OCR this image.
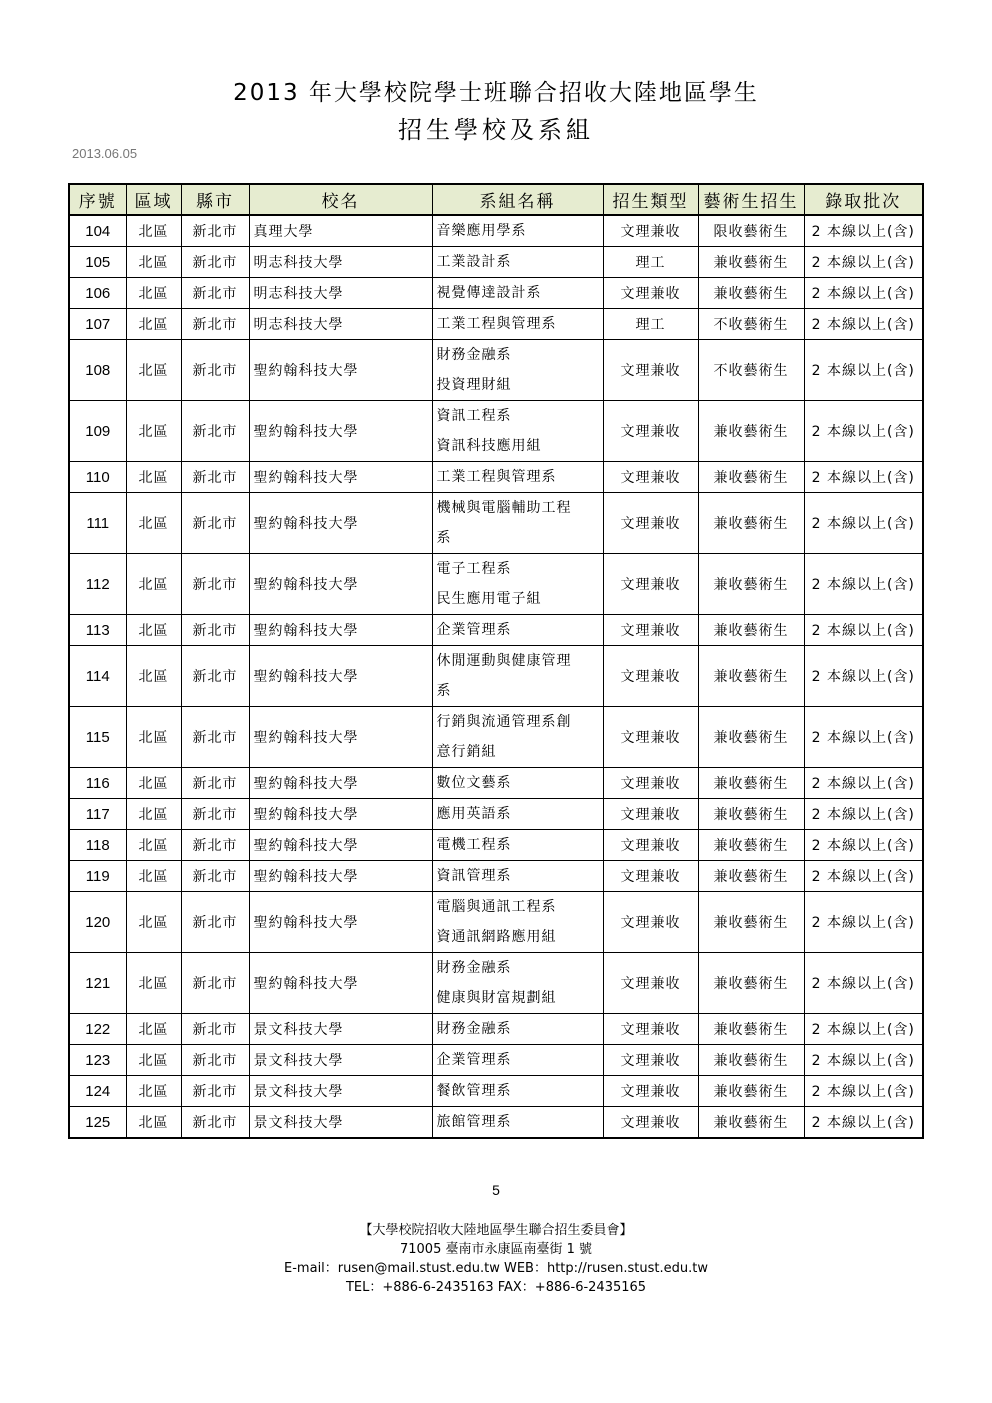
2013 年大學校院學士班聯合招收大陸地區學生
招生學校及系組
2013.06.05
序號	區域	縣市	校名	系組名稱	招生類型	藝術生招生	錄取批次
104	北區	新北市	真理大學	音樂應用學系	文理兼收	限收藝術生	2 本線以上(含)
105	北區	新北市	明志科技大學	工業設計系	理工	兼收藝術生	2 本線以上(含)
106	北區	新北市	明志科技大學	視覺傳達設計系	文理兼收	兼收藝術生	2 本線以上(含)
107	北區	新北市	明志科技大學	工業工程與管理系	理工	不收藝術生	2 本線以上(含)
108	北區	新北市	聖約翰科技大學	財務金融系
投資理財組	文理兼收	不收藝術生	2 本線以上(含)
109	北區	新北市	聖約翰科技大學	資訊工程系
資訊科技應用組	文理兼收	兼收藝術生	2 本線以上(含)
110	北區	新北市	聖約翰科技大學	工業工程與管理系	文理兼收	兼收藝術生	2 本線以上(含)
111	北區	新北市	聖約翰科技大學	機械與電腦輔助工程
系	文理兼收	兼收藝術生	2 本線以上(含)
112	北區	新北市	聖約翰科技大學	電子工程系
民生應用電子組	文理兼收	兼收藝術生	2 本線以上(含)
113	北區	新北市	聖約翰科技大學	企業管理系	文理兼收	兼收藝術生	2 本線以上(含)
114	北區	新北市	聖約翰科技大學	休閒運動與健康管理
系	文理兼收	兼收藝術生	2 本線以上(含)
115	北區	新北市	聖約翰科技大學	行銷與流通管理系創
意行銷組	文理兼收	兼收藝術生	2 本線以上(含)
116	北區	新北市	聖約翰科技大學	數位文藝系	文理兼收	兼收藝術生	2 本線以上(含)
117	北區	新北市	聖約翰科技大學	應用英語系	文理兼收	兼收藝術生	2 本線以上(含)
118	北區	新北市	聖約翰科技大學	電機工程系	文理兼收	兼收藝術生	2 本線以上(含)
119	北區	新北市	聖約翰科技大學	資訊管理系	文理兼收	兼收藝術生	2 本線以上(含)
120	北區	新北市	聖約翰科技大學	電腦與通訊工程系
資通訊網路應用組	文理兼收	兼收藝術生	2 本線以上(含)
121	北區	新北市	聖約翰科技大學	財務金融系
健康與財富規劃組	文理兼收	兼收藝術生	2 本線以上(含)
122	北區	新北市	景文科技大學	財務金融系	文理兼收	兼收藝術生	2 本線以上(含)
123	北區	新北市	景文科技大學	企業管理系	文理兼收	兼收藝術生	2 本線以上(含)
124	北區	新北市	景文科技大學	餐飲管理系	文理兼收	兼收藝術生	2 本線以上(含)
125	北區	新北市	景文科技大學	旅館管理系	文理兼收	兼收藝術生	2 本線以上(含)
5
【大學校院招收大陸地區學生聯合招生委員會】
71005 臺南市永康區南臺街 1 號
E-mail：rusen@mail.stust.edu.tw WEB：http://rusen.stust.edu.tw
TEL：+886-6-2435163 FAX：+886-6-2435165
